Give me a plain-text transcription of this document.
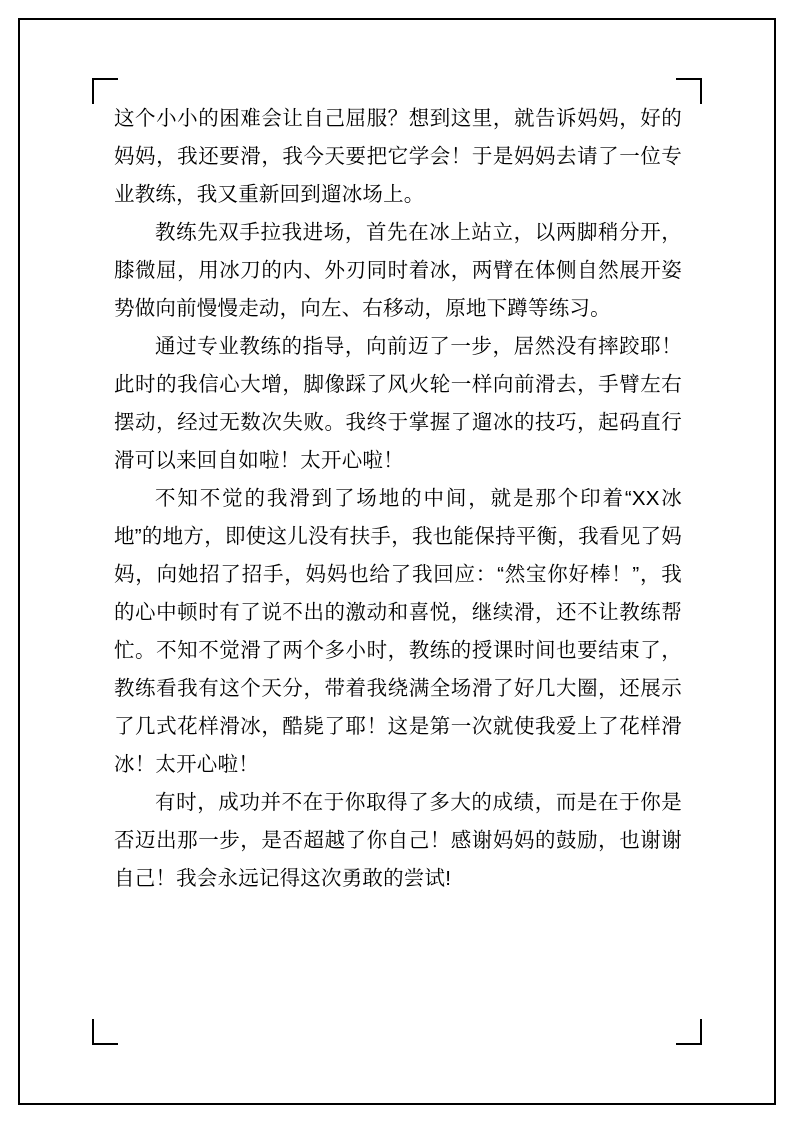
这个小小的困难会让自己屈服？想到这里，就告诉妈妈，好的妈妈，我还要滑，我今天要把它学会！于是妈妈去请了一位专业教练，我又重新回到遛冰场上。

教练先双手拉我进场，首先在冰上站立，以两脚稍分开，膝微屈，用冰刀的内、外刃同时着冰，两臂在体侧自然展开姿势做向前慢慢走动，向左、右移动，原地下蹲等练习。

通过专业教练的指导，向前迈了一步，居然没有摔跤耶！此时的我信心大增，脚像踩了风火轮一样向前滑去，手臂左右摆动，经过无数次失败。我终于掌握了遛冰的技巧，起码直行滑可以来回自如啦！太开心啦！

不知不觉的我滑到了场地的中间，就是那个印着“XX冰地”的地方，即使这儿没有扶手，我也能保持平衡，我看见了妈妈，向她招了招手，妈妈也给了我回应：“然宝你好棒！”，我的心中顿时有了说不出的激动和喜悦，继续滑，还不让教练帮忙。不知不觉滑了两个多小时，教练的授课时间也要结束了，教练看我有这个天分，带着我绕满全场滑了好几大圈，还展示了几式花样滑冰，酷毙了耶！这是第一次就使我爱上了花样滑冰！太开心啦！

有时，成功并不在于你取得了多大的成绩，而是在于你是否迈出那一步，是否超越了你自己！感谢妈妈的鼓励，也谢谢自己！我会永远记得这次勇敢的尝试!
